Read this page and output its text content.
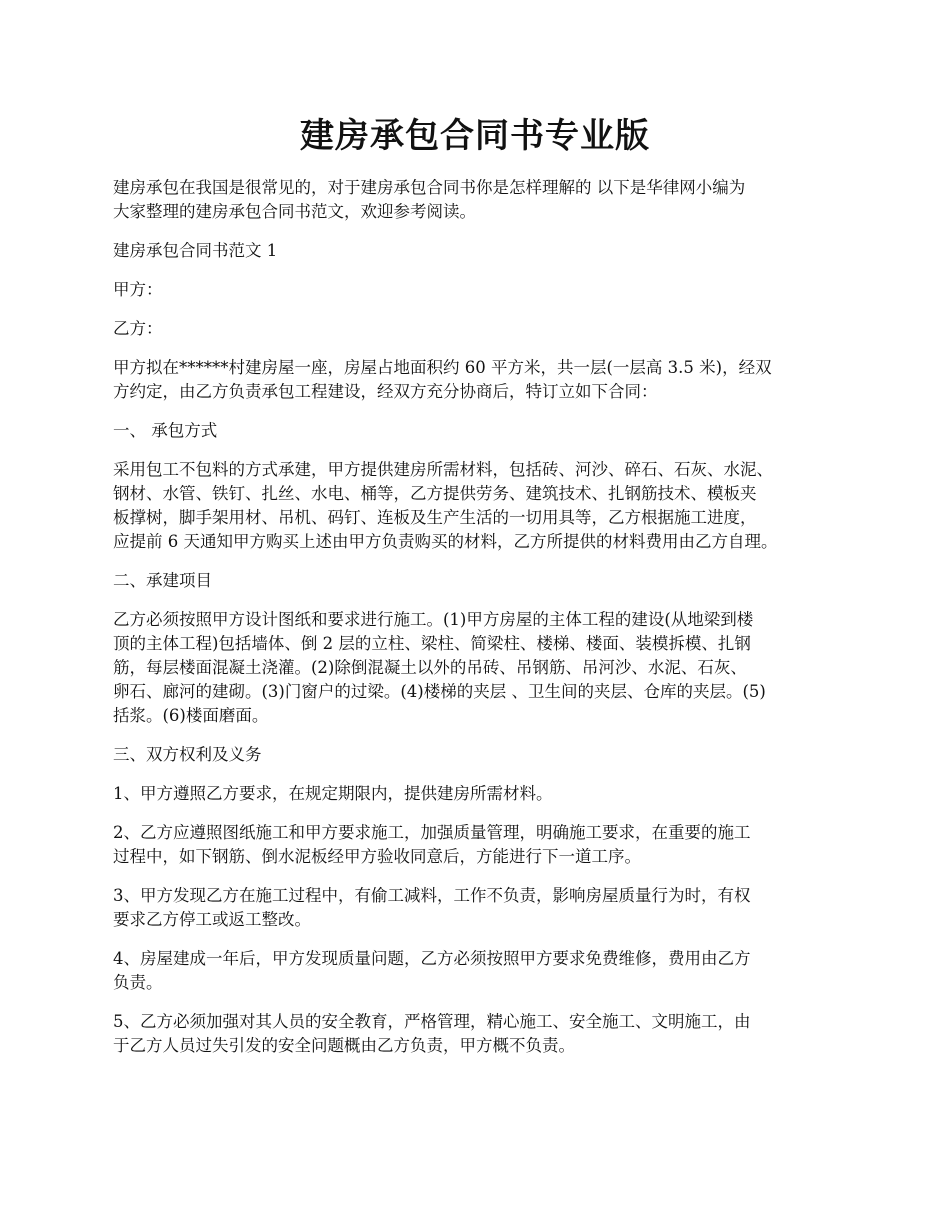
建房承包合同书专业版

建房承包在我国是很常见的，对于建房承包合同书你是怎样理解的 以下是华律网小编为
大家整理的建房承包合同书范文，欢迎参考阅读。

建房承包合同书范文 1

甲方：

乙方：

甲方拟在******村建房屋一座，房屋占地面积约 60 平方米，共一层(一层高 3.5 米)，经双
方约定，由乙方负责承包工程建设，经双方充分协商后，特订立如下合同：

一、 承包方式

采用包工不包料的方式承建，甲方提供建房所需材料，包括砖、河沙、碎石、石灰、水泥、
钢材、水管、铁钉、扎丝、水电、桶等，乙方提供劳务、建筑技术、扎钢筋技术、模板夹
板撑树，脚手架用材、吊机、码钉、连板及生产生活的一切用具等，乙方根据施工进度，
应提前 6 天通知甲方购买上述由甲方负责购买的材料，乙方所提供的材料费用由乙方自理。

二、承建项目

乙方必须按照甲方设计图纸和要求进行施工。(1)甲方房屋的主体工程的建设(从地梁到楼
顶的主体工程)包括墙体、倒 2 层的立柱、梁柱、简梁柱、楼梯、楼面、装模拆模、扎钢
筋，每层楼面混凝土浇灌。(2)除倒混凝土以外的吊砖、吊钢筋、吊河沙、水泥、石灰、
卵石、廊河的建砌。(3)门窗户的过梁。(4)楼梯的夹层 、卫生间的夹层、仓库的夹层。(5)
括浆。(6)楼面磨面。

三、双方权利及义务

1、甲方遵照乙方要求，在规定期限内，提供建房所需材料。

2、乙方应遵照图纸施工和甲方要求施工，加强质量管理，明确施工要求，在重要的施工
过程中，如下钢筋、倒水泥板经甲方验收同意后，方能进行下一道工序。

3、甲方发现乙方在施工过程中，有偷工减料，工作不负责，影响房屋质量行为时，有权
要求乙方停工或返工整改。

4、房屋建成一年后，甲方发现质量问题，乙方必须按照甲方要求免费维修，费用由乙方
负责。

5、乙方必须加强对其人员的安全教育，严格管理，精心施工、安全施工、文明施工，由
于乙方人员过失引发的安全问题概由乙方负责，甲方概不负责。
